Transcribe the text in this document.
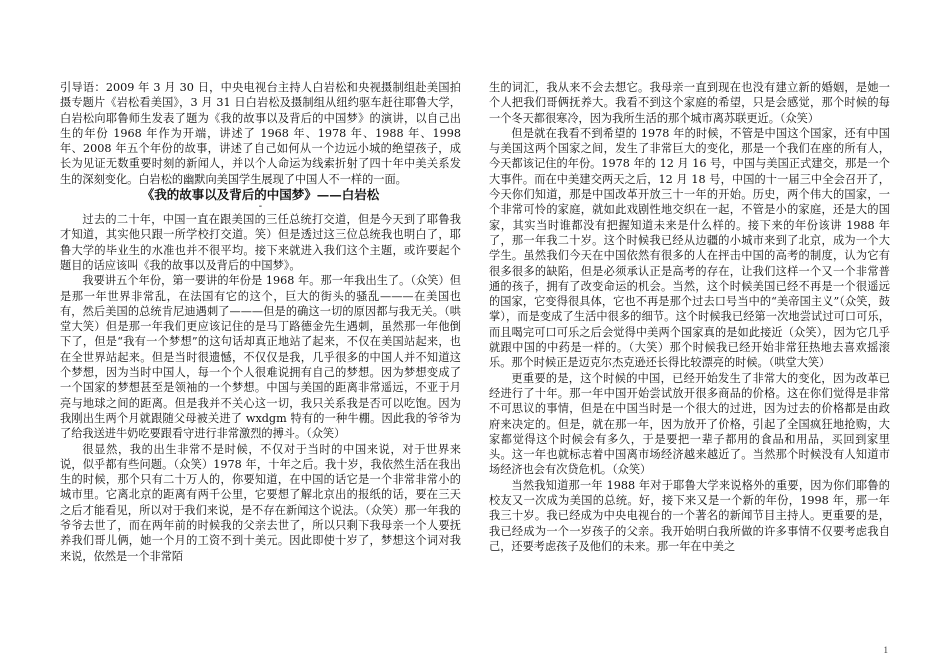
引导语：2009 年 3 月 30 日，中央电视台主持人白岩松和央视摄制组赴美国拍摄专题片《岩松看美国》，3 月 31 日白岩松及摄制组从纽约驱车赶往耶鲁大学，白岩松向耶鲁师生发表了题为《我的故事以及背后的中国梦》的演讲，以自己出生的年份 1968 年作为开端，讲述了 1968 年、1978 年、1988 年、1998 年、2008 年五个年份的故事，讲述了自己如何从一个边远小城的绝望孩子，成长为见证无数重要时刻的新闻人，并以个人命运为线索折射了四十年中美关系发生的深刻变化。白岩松的幽默向美国学生展现了中国人不一样的一面。

《我的故事以及背后的中国梦》——白岩松

-

过去的二十年，中国一直在跟美国的三任总统打交道，但是今天到了耶鲁我才知道，其实他只跟一所学校打交道。笑）但是透过这三位总统我也明白了，耶鲁大学的毕业生的水准也并不很平均。接下来就进入我们这个主题，或许要起个题目的话应该叫《我的故事以及背后的中国梦》。

我要讲五个年份，第一要讲的年份是 1968 年。那一年我出生了。（众笑）但是那一年世界非常乱，在法国有它的这个，巨大的街头的骚乱———在美国也有，然后美国的总统肯尼迪遇刺了———但是的确这一切的原因都与我无关。（哄堂大笑）但是那一年我们更应该记住的是马丁路德金先生遇刺，虽然那一年他倒下了，但是“我有一个梦想”的这句话却真正地站了起来，不仅在美国站起来，也在全世界站起来。但是当时很遗憾，不仅仅是我，几乎很多的中国人并不知道这个梦想，因为当时中国人，每一个个人很难说拥有自己的梦想。因为梦想变成了一个国家的梦想甚至是领袖的一个梦想。中国与美国的距离非常遥远，不亚于月亮与地球之间的距离。但是我并不关心这一切，我只关系我是否可以吃饱。因为我刚出生两个月就跟随父母被关进了 wxdgm 特有的一种牛棚。因此我的爷爷为了给我送进牛奶吃要跟看守进行非常激烈的搏斗。（众笑）

很显然，我的出生非常不是时候，不仅对于当时的中国来说，对于世界来说，似乎都有些问题。（众笑）1978 年，十年之后。我十岁，我依然生活在我出生的时候，那个只有二十万人的，你要知道，在中国的话它是一个非常非常小的城市里。它离北京的距离有两千公里，它要想了解北京出的报纸的话，要在三天之后才能看见，所以对于我们来说，是不存在新闻这个说法。（众笑）那一年我的爷爷去世了，而在两年前的时候我的父亲去世了，所以只剩下我母亲一个人要抚养我们哥儿俩，她一个月的工资不到十美元。因此即使十岁了，梦想这个词对我来说，依然是一个非常陌

生的词汇，我从来不会去想它。我母亲一直到现在也没有建立新的婚姻，是她一个人把我们哥俩抚养大。我看不到这个家庭的希望，只是会感觉，那个时候的每一个冬天都很寒冷，因为我所生活的那个城市离苏联更近。（众笑）

但是就在我看不到希望的 1978 年的时候，不管是中国这个国家，还有中国与美国这两个国家之间，发生了非常巨大的变化，那是一个我们在座的所有人，今天都该记住的年份。1978 年的 12 月 16 号，中国与美国正式建交，那是一个大事件。而在中美建交两天之后，12 月 18 号，中国的十一届三中全会召开了，今天你们知道，那是中国改革开放三十一年的开始。历史，两个伟大的国家，一个非常可怜的家庭，就如此戏剧性地交织在一起，不管是小的家庭，还是大的国家，其实当时谁都没有把握知道未来是什么样的。接下来的年份该讲 1988 年了，那一年我二十岁。这个时候我已经从边疆的小城市来到了北京，成为一个大学生。虽然我们今天在中国依然有很多的人在抨击中国的高考的制度，认为它有很多很多的缺陷，但是必须承认正是高考的存在，让我们这样一个又一个非常普通的孩子，拥有了改变命运的机会。当然，这个时候美国已经不再是一个很遥远的国家，它变得很具体，它也不再是那个过去口号当中的“美帝国主义”（众笑，鼓掌），而是变成了生活中很多的细节。这个时候我已经第一次地尝试过可口可乐，而且喝完可口可乐之后会觉得中美两个国家真的是如此接近（众笑），因为它几乎就跟中国的中药是一样的。（大笑）那个时候我已经开始非常狂热地去喜欢摇滚乐。那个时候正是迈克尔杰克逊还长得比较漂亮的时候。（哄堂大笑）

更重要的是，这个时候的中国，已经开始发生了非常大的变化，因为改革已经进行了十年。那一年中国开始尝试放开很多商品的价格。这在你们觉得是非常不可思议的事情，但是在中国当时是一个很大的过进，因为过去的价格都是由政府来决定的。但是，就在那一年，因为放开了价格，引起了全国疯狂地抢购，大家都觉得这个时候会有多久，于是要把一辈子都用的食品和用品，买回到家里头。这一年也就标志着中国离市场经济越来越近了。当然那个时候没有人知道市场经济也会有次贷危机。（众笑）

当然我知道那一年 1988 年对于耶鲁大学来说格外的重要，因为你们耶鲁的校友又一次成为美国的总统。好，接下来又是一个新的年份，1998 年，那一年我三十岁。我已经成为中央电视台的一个著名的新闻节目主持人。更重要的是，我已经成为一个一岁孩子的父亲。我开始明白我所做的许多事情不仅要考虑我自己，还要考虑孩子及他们的未来。那一年在中美之

1
